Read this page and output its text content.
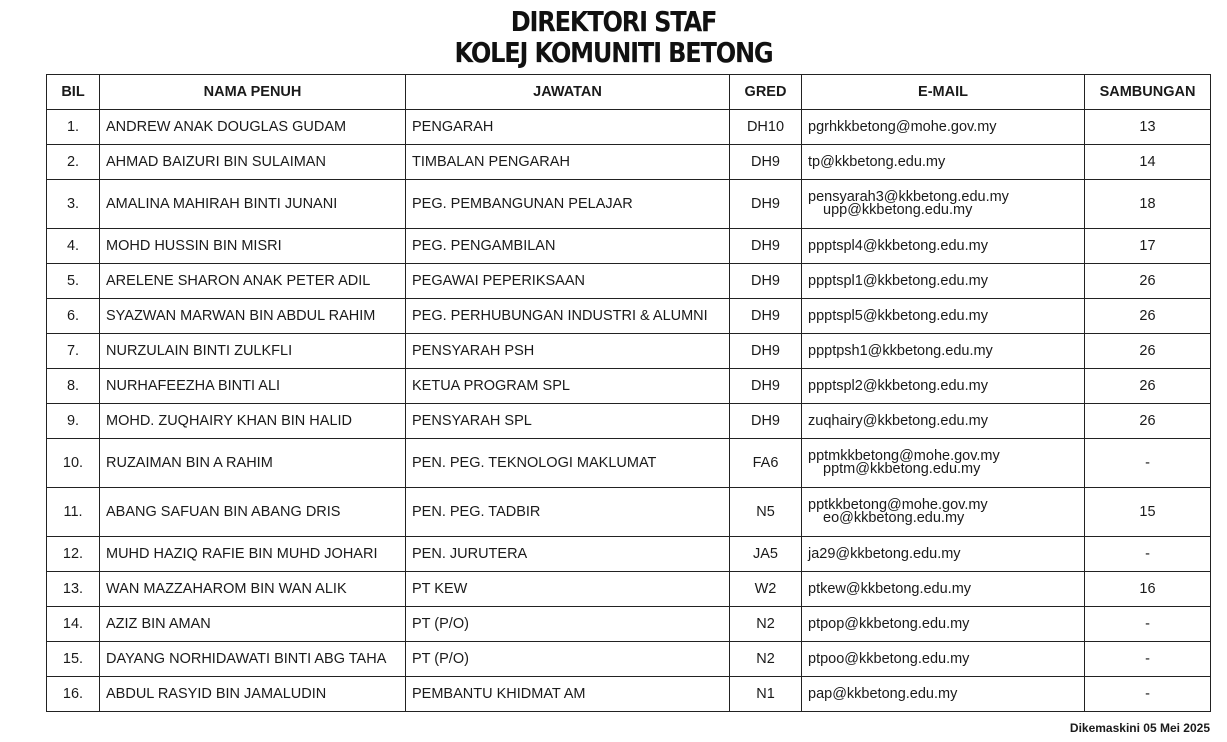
DIREKTORI STAF
KOLEJ KOMUNITI BETONG
BIL	NAMA PENUH	JAWATAN	GRED	E-MAIL	SAMBUNGAN
1.	ANDREW ANAK DOUGLAS GUDAM	PENGARAH	DH10	pgrhkkbetong@mohe.gov.my	13
2.	AHMAD BAIZURI BIN SULAIMAN	TIMBALAN PENGARAH	DH9	tp@kkbetong.edu.my	14
3.	AMALINA MAHIRAH BINTI JUNANI	PEG. PEMBANGUNAN PELAJAR	DH9	pensyarah3@kkbetong.edu.my
upp@kkbetong.edu.my	18
4.	MOHD HUSSIN BIN MISRI	PEG. PENGAMBILAN	DH9	ppptspl4@kkbetong.edu.my	17
5.	ARELENE SHARON ANAK PETER ADIL	PEGAWAI PEPERIKSAAN	DH9	ppptspl1@kkbetong.edu.my	26
6.	SYAZWAN MARWAN BIN ABDUL RAHIM	PEG. PERHUBUNGAN INDUSTRI & ALUMNI	DH9	ppptspl5@kkbetong.edu.my	26
7.	NURZULAIN BINTI ZULKFLI	PENSYARAH PSH	DH9	ppptpsh1@kkbetong.edu.my	26
8.	NURHAFEEZHA BINTI ALI	KETUA PROGRAM SPL	DH9	ppptspl2@kkbetong.edu.my	26
9.	MOHD. ZUQHAIRY KHAN BIN HALID	PENSYARAH SPL	DH9	zuqhairy@kkbetong.edu.my	26
10.	RUZAIMAN BIN A RAHIM	PEN. PEG. TEKNOLOGI MAKLUMAT	FA6	pptmkkbetong@mohe.gov.my
pptm@kkbetong.edu.my	-
11.	ABANG SAFUAN BIN ABANG DRIS	PEN. PEG. TADBIR	N5	pptkkbetong@mohe.gov.my
eo@kkbetong.edu.my	15
12.	MUHD HAZIQ RAFIE BIN MUHD JOHARI	PEN. JURUTERA	JA5	ja29@kkbetong.edu.my	-
13.	WAN MAZZAHAROM BIN WAN ALIK	PT KEW	W2	ptkew@kkbetong.edu.my	16
14.	AZIZ BIN AMAN	PT (P/O)	N2	ptpop@kkbetong.edu.my	-
15.	DAYANG NORHIDAWATI BINTI ABG TAHA	PT (P/O)	N2	ptpoo@kkbetong.edu.my	-
16.	ABDUL RASYID BIN JAMALUDIN	PEMBANTU KHIDMAT AM	N1	pap@kkbetong.edu.my	-
Dikemaskini 05 Mei 2025
